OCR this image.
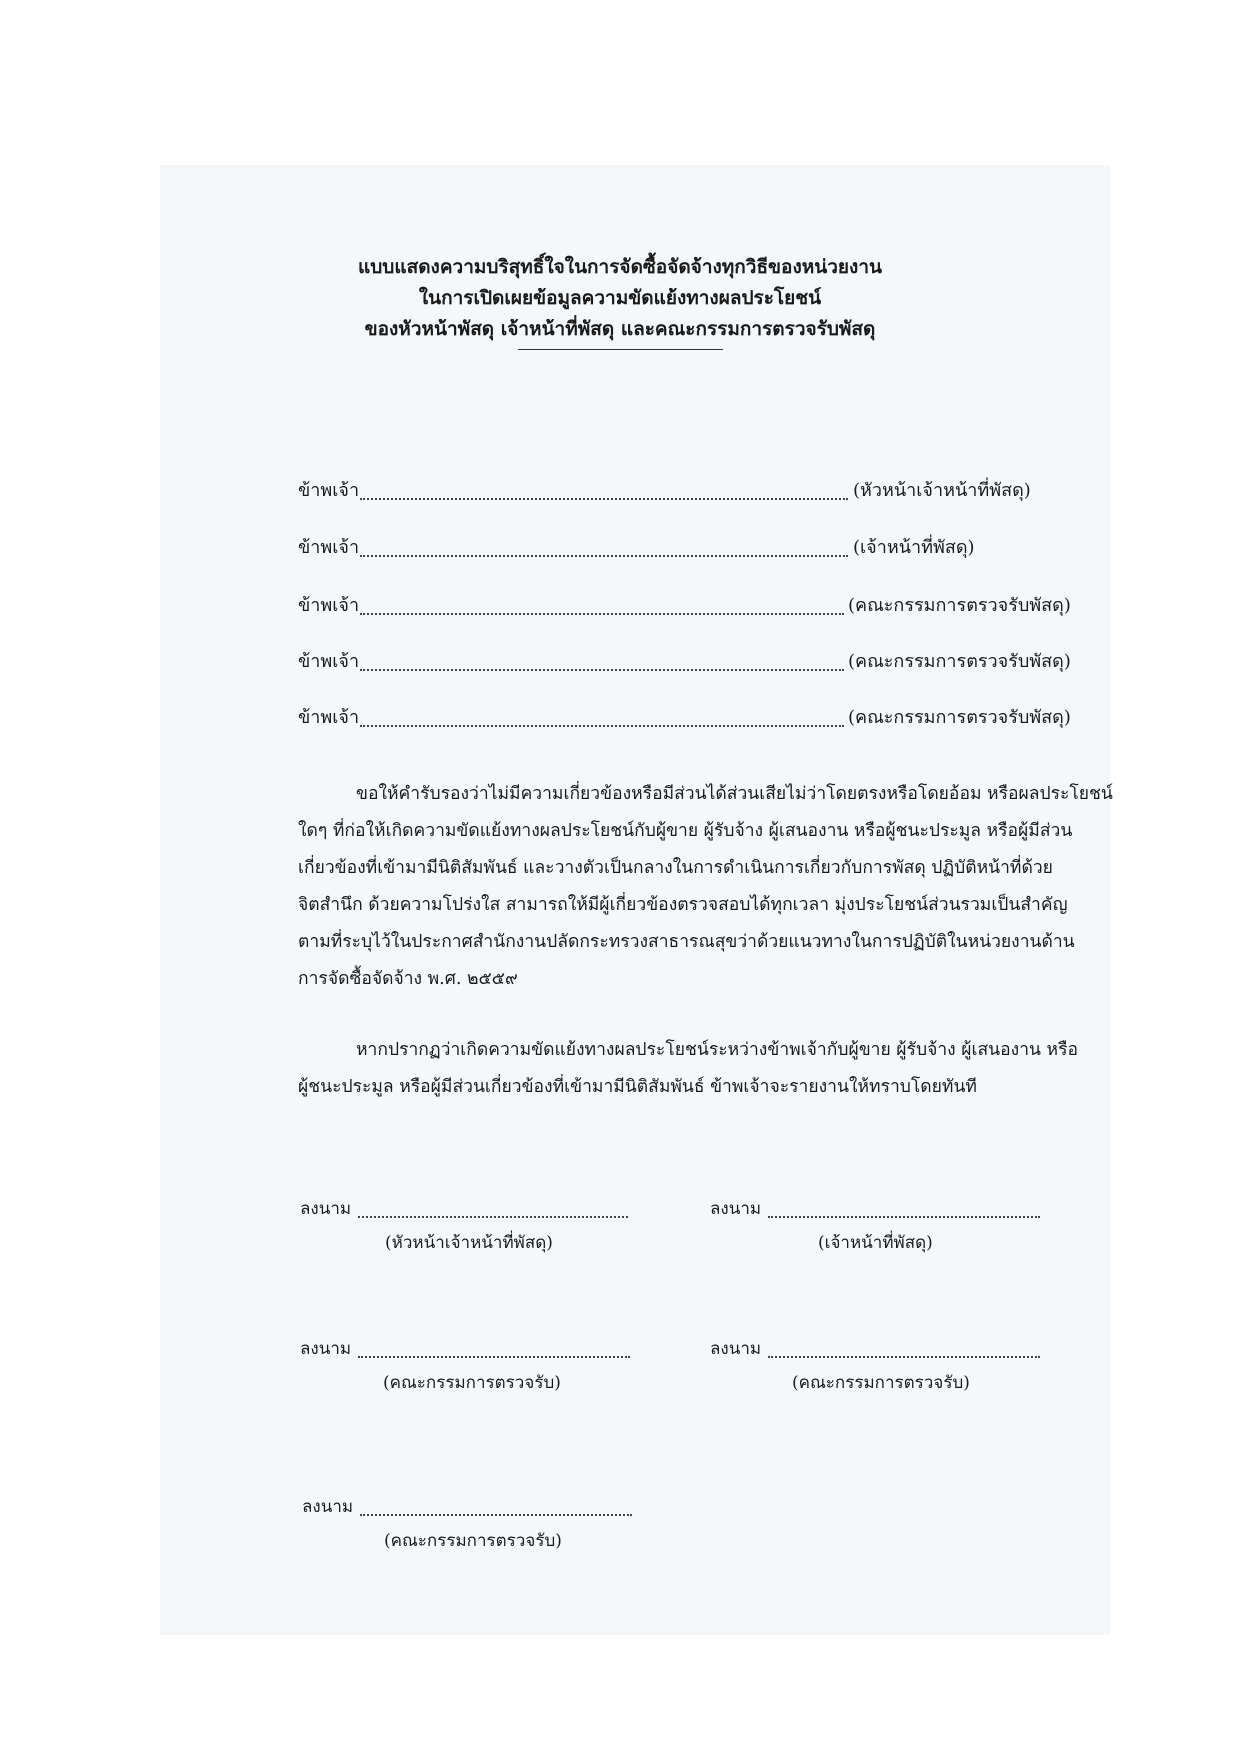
แบบแสดงความบริสุทธิ์ใจในการจัดซื้อจัดจ้างทุกวิธีของหน่วยงาน
ในการเปิดเผยข้อมูลความขัดแย้งทางผลประโยชน์
ของหัวหน้าพัสดุ เจ้าหน้าที่พัสดุ และคณะกรรมการตรวจรับพัสดุ
ข้าพเจ้า	(หัวหน้าเจ้าหน้าที่พัสดุ)
ข้าพเจ้า	(เจ้าหน้าที่พัสดุ)
ข้าพเจ้า	(คณะกรรมการตรวจรับพัสดุ)
ข้าพเจ้า	(คณะกรรมการตรวจรับพัสดุ)
ข้าพเจ้า	(คณะกรรมการตรวจรับพัสดุ)
ขอให้คำรับรองว่าไม่มีความเกี่ยวข้องหรือมีส่วนได้ส่วนเสียไม่ว่าโดยตรงหรือโดยอ้อม หรือผลประโยชน์
ใดๆ ที่ก่อให้เกิดความขัดแย้งทางผลประโยชน์กับผู้ขาย ผู้รับจ้าง ผู้เสนองาน หรือผู้ชนะประมูล หรือผู้มีส่วน
เกี่ยวข้องที่เข้ามามีนิติสัมพันธ์ และวางตัวเป็นกลางในการดำเนินการเกี่ยวกับการพัสดุ ปฏิบัติหน้าที่ด้วย
จิตสำนึก ด้วยความโปร่งใส สามารถให้มีผู้เกี่ยวข้องตรวจสอบได้ทุกเวลา มุ่งประโยชน์ส่วนรวมเป็นสำคัญ
ตามที่ระบุไว้ในประกาศสำนักงานปลัดกระทรวงสาธารณสุขว่าด้วยแนวทางในการปฏิบัติในหน่วยงานด้าน
การจัดซื้อจัดจ้าง พ.ศ. ๒๕๕๙
หากปรากฏว่าเกิดความขัดแย้งทางผลประโยชน์ระหว่างข้าพเจ้ากับผู้ขาย ผู้รับจ้าง ผู้เสนองาน หรือ
ผู้ชนะประมูล หรือผู้มีส่วนเกี่ยวข้องที่เข้ามามีนิติสัมพันธ์ ข้าพเจ้าจะรายงานให้ทราบโดยทันที
ลงนาม
(หัวหน้าเจ้าหน้าที่พัสดุ)
ลงนาม
(เจ้าหน้าที่พัสดุ)
ลงนาม
(คณะกรรมการตรวจรับ)
ลงนาม
(คณะกรรมการตรวจรับ)
ลงนาม
(คณะกรรมการตรวจรับ)
